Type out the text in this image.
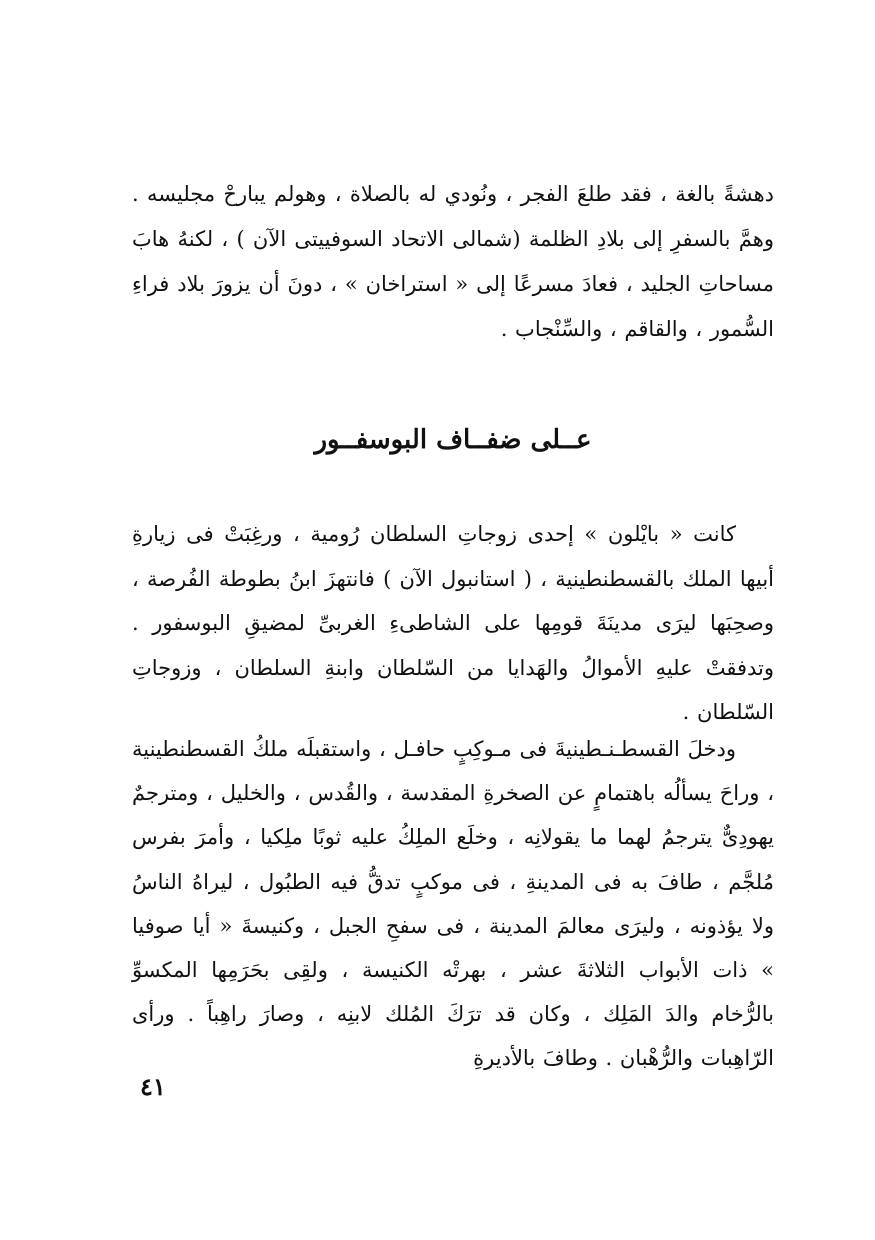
دهشةً بالغة ، فقد طلعَ الفجر ، ونُودي له بالصلاة ، وهولم يبارحْ مجليسه . وهمَّ بالسفرِ إلى بلادِ الظلمة (شمالى الاتحاد السوفييتى الآن ) ، لكنهُ هابَ مساحاتِ الجليد ، فعادَ مسرعًا إلى « استراخان » ، دونَ أن يزورَ بلاد فراءِ السُّمور ، والقاقم ، والسِّنْجاب .

عــلى ضفــاف البوسفــور

كانت « بايْلون » إحدى زوجاتِ السلطان رُومية ، ورغِبَتْ فى زيارةِ أبيها الملك بالقسطنطينية ، ( استانبول الآن ) فانتهزَ ابنُ بطوطة الفُرصة ، وصحِبَها ليرَى مدينَةَ قومِها على الشاطىءِ الغربىِّ لمضيقِ البوسفور . وتدفقتْ عليهِ الأموالُ والهَدايا من السّلطان وابنةِ السلطان ، وزوجاتِ السّلطان .

ودخلَ القسطـنـطينيةَ فى مـوكِبٍ حافـل ، واستقبلَه ملكُ القسطنطينية ، وراحَ يسألُه باهتمامٍ عن الصخرةِ المقدسة ، والقُدس ، والخليل ، ومترجمٌ يهودِىٌّ يترجمُ لهما ما يقولانِه ، وخلَع الملِكُ عليه ثوبًا ملِكيا ، وأمرَ بفرس مُلجَّم ، طافَ به فى المدينةِ ، فى موكبٍ تدقُّ فيه الطبُول ، ليراهُ الناسُ ولا يؤذونه ، وليرَى معالمَ المدينة ، فى سفحِ الجبل ، وكنيسةَ « أيا صوفيا » ذات الأبواب الثلاثةَ عشر ، بهرتْه الكنيسة ، ولقِى بحَرَمِها المكسوِّ بالرُّخام والدَ المَلِك ، وكان قد ترَكَ المُلك لابنِه ، وصارَ راهِباً . ورأى الرّاهِبات والرُّهْبان . وطافَ بالأديرةِ

٤١
